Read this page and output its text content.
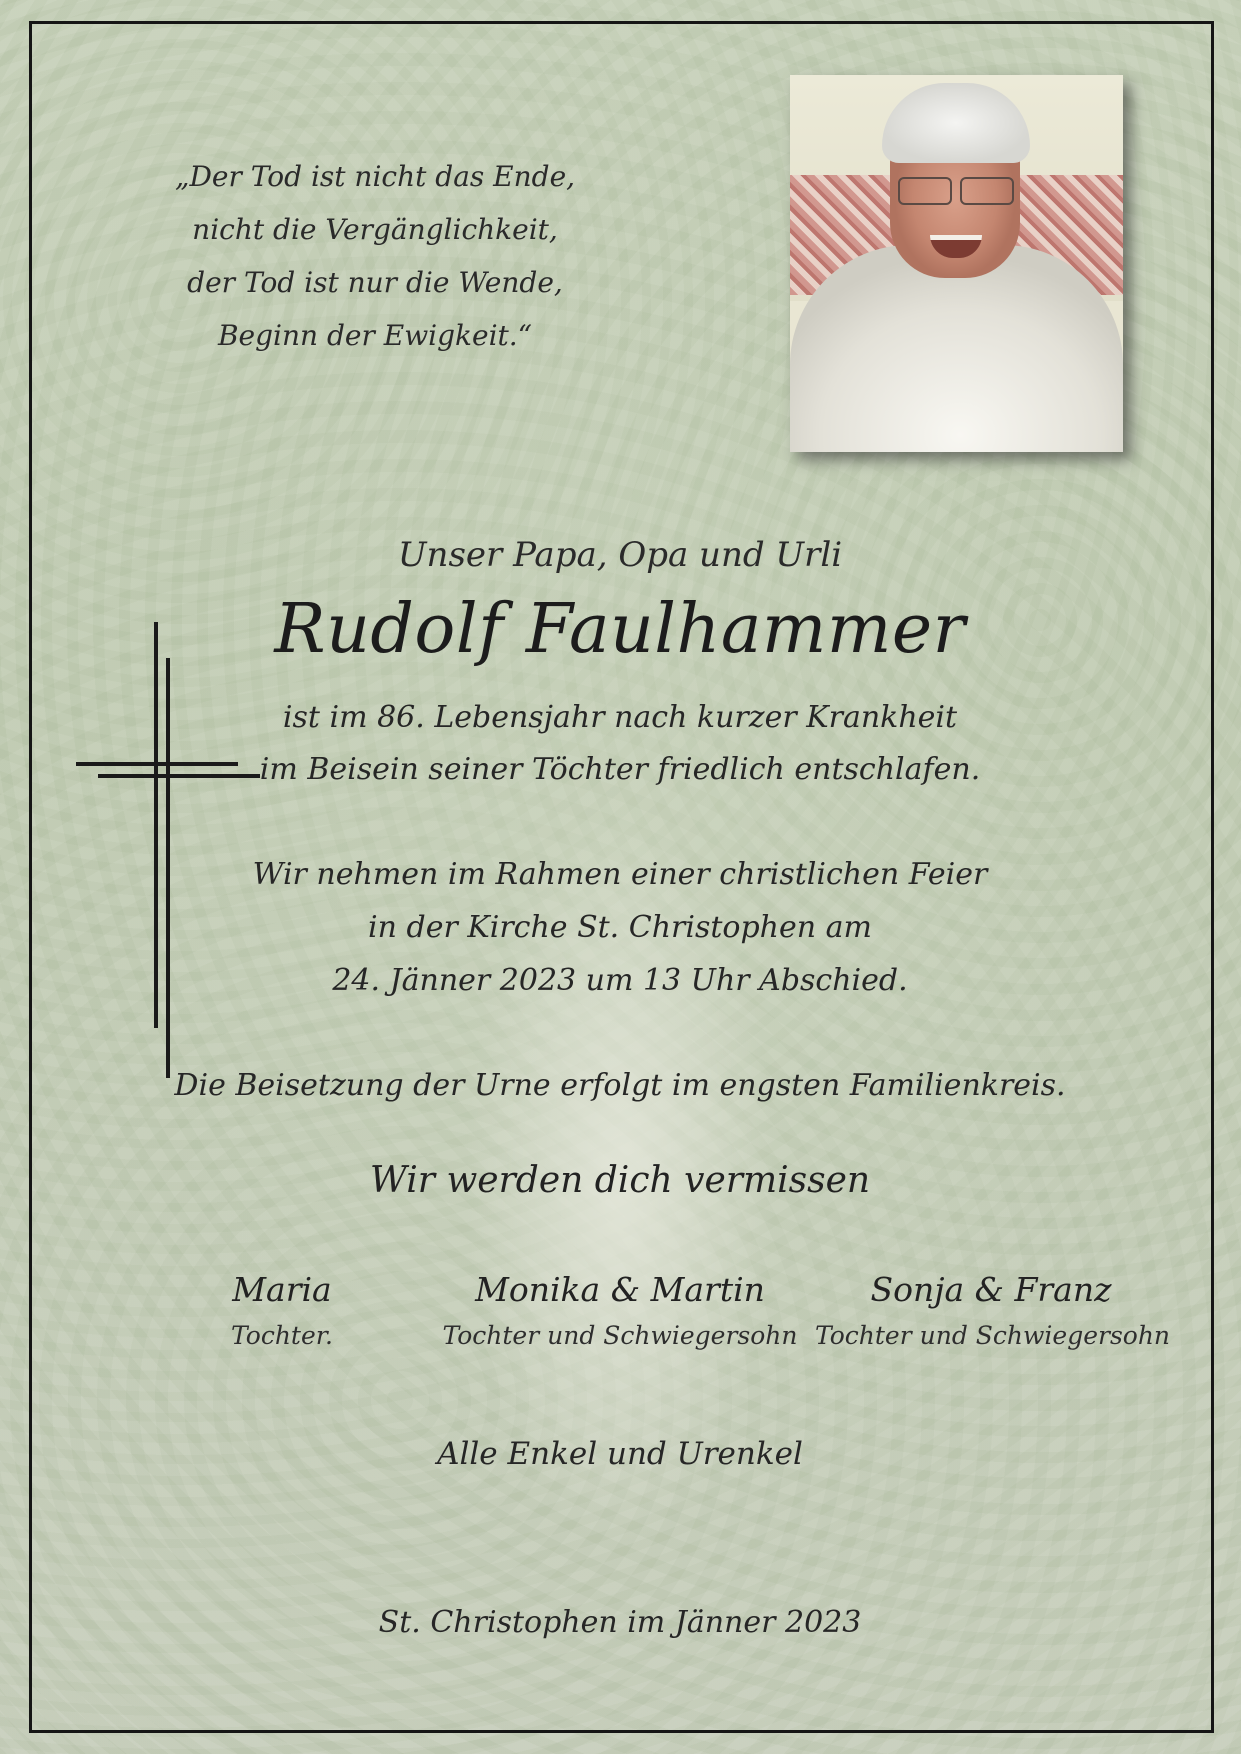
„Der Tod ist nicht das Ende,
nicht die Vergänglichkeit,
der Tod ist nur die Wende,
Beginn der Ewigkeit.“
Unser Papa, Opa und Urli
Rudolf Faulhammer
ist im 86. Lebensjahr nach kurzer Krankheit
im Beisein seiner Töchter friedlich entschlafen.
Wir nehmen im Rahmen einer christlichen Feier
in der Kirche St. Christophen am
24. Jänner 2023 um 13 Uhr Abschied.
Die Beisetzung der Urne erfolgt im engsten Familienkreis.
Wir werden dich vermissen
Maria
Tochter.
Monika & Martin
Tochter und Schwiegersohn
Sonja & Franz
Tochter und Schwiegersohn
Alle Enkel und Urenkel
St. Christophen im Jänner 2023
